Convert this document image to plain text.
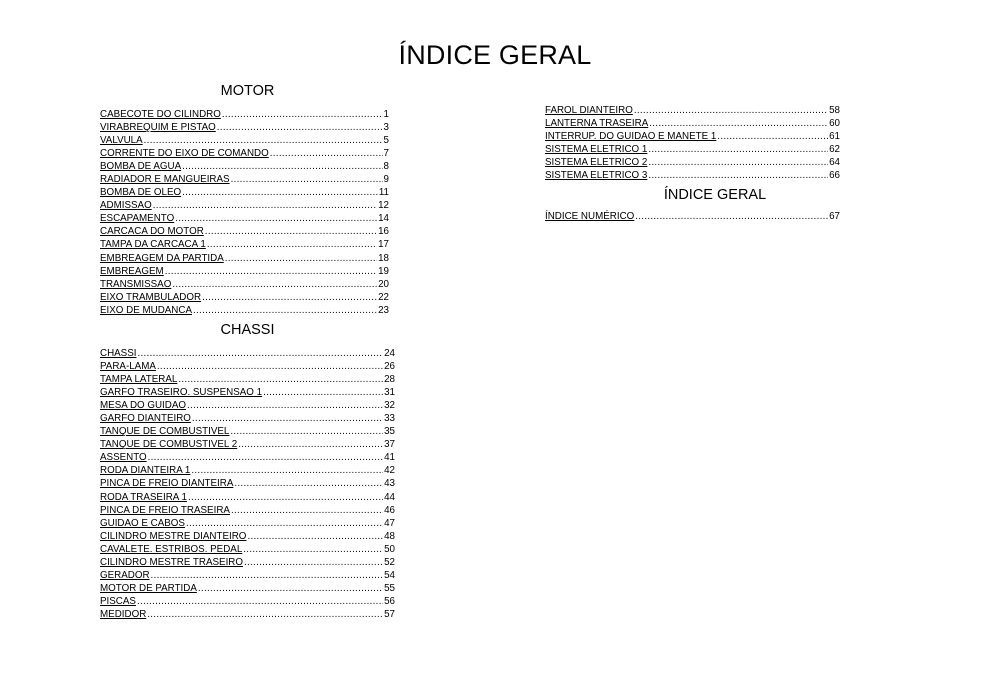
ÍNDICE GERAL
MOTOR
CABECOTE DO CILINDRO .....	1
VIRABREQUIM E PISTAO .....	3
VALVULA .....	5
CORRENTE DO EIXO DE COMANDO .....	7
BOMBA DE AGUA .....	8
RADIADOR E MANGUEIRAS .....	9
BOMBA DE OLEO .....	11
ADMISSAO .....	12
ESCAPAMENTO .....	14
CARCACA DO MOTOR .....	16
TAMPA DA CARCACA 1 .....	17
EMBREAGEM DA PARTIDA .....	18
EMBREAGEM .....	19
TRANSMISSAO .....	20
EIXO TRAMBULADOR .....	22
EIXO DE MUDANCA .....	23
CHASSI
CHASSI .....	24
PARA-LAMA .....	26
TAMPA LATERAL .....	28
GARFO TRASEIRO. SUSPENSAO 1 .....	31
MESA DO GUIDAO .....	32
GARFO DIANTEIRO .....	33
TANQUE DE COMBUSTIVEL .....	35
TANQUE DE COMBUSTIVEL 2 .....	37
ASSENTO .....	41
RODA DIANTEIRA 1 .....	42
PINCA DE FREIO DIANTEIRA .....	43
RODA TRASEIRA 1 .....	44
PINCA DE FREIO TRASEIRA .....	46
GUIDAO E CABOS .....	47
CILINDRO MESTRE DIANTEIRO .....	48
CAVALETE. ESTRIBOS. PEDAL .....	50
CILINDRO MESTRE TRASEIRO .....	52
GERADOR .....	54
MOTOR DE PARTIDA .....	55
PISCAS .....	56
MEDIDOR .....	57
FAROL DIANTEIRO .....	58
LANTERNA TRASEIRA .....	60
INTERRUP. DO GUIDAO E MANETE 1 .....	61
SISTEMA ELETRICO 1 .....	62
SISTEMA ELETRICO 2 .....	64
SISTEMA ELETRICO 3 .....	66
ÍNDICE GERAL
ÍNDICE NUMÉRICO .....	67
